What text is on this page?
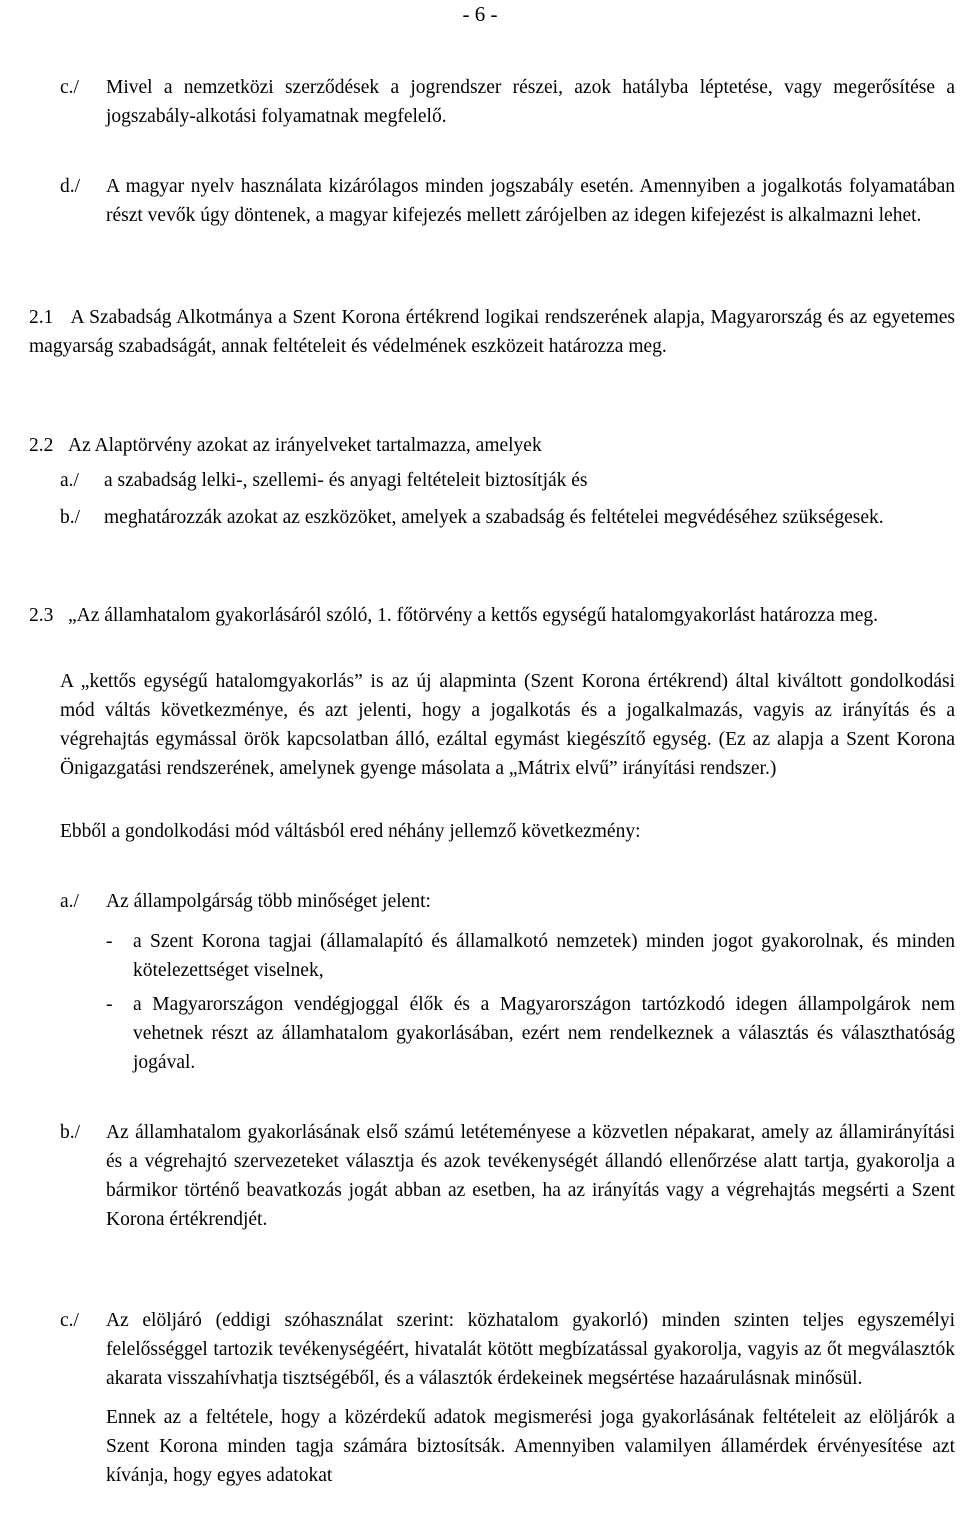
- 6 -
c./	Mivel a nemzetközi szerződések a jogrendszer részei, azok hatályba léptetése, vagy megerősítése a jogszabály-alkotási folyamatnak megfelelő.

d./	A magyar nyelv használata kizárólagos minden jogszabály esetén. Amennyiben a jogalkotás folyamatában részt vevők úgy döntenek, a magyar kifejezés mellett zárójelben az idegen kifejezést is alkalmazni lehet.

2.1 A Szabadság Alkotmánya a Szent Korona értékrend logikai rendszerének alapja, Magyarország és az egyetemes magyarság szabadságát, annak feltételeit és védelmének eszközeit határozza meg.

2.2 Az Alaptörvény azokat az irányelveket tartalmazza, amelyek

a./	a szabadság lelki-, szellemi- és anyagi feltételeit biztosítják és

b./	meghatározzák azokat az eszközöket, amelyek a szabadság és feltételei megvédéséhez szükségesek.

2.3 „Az államhatalom gyakorlásáról szóló, 1. főtörvény a kettős egységű hatalomgyakorlást határozza meg.

A „kettős egységű hatalomgyakorlás” is az új alapminta (Szent Korona értékrend) által kiváltott gondolkodási mód váltás következménye, és azt jelenti, hogy a jogalkotás és a jogalkalmazás, vagyis az irányítás és a végrehajtás egymással örök kapcsolatban álló, ezáltal egymást kiegészítő egység. (Ez az alapja a Szent Korona Önigazgatási rendszerének, amelynek gyenge másolata a „Mátrix elvű” irányítási rendszer.)

Ebből a gondolkodási mód váltásból ered néhány jellemző következmény:

a./	Az állampolgárság több minőséget jelent:

-	a Szent Korona tagjai (államalapító és államalkotó nemzetek) minden jogot gyakorolnak, és minden kötelezettséget viselnek,

-	a Magyarországon vendégjoggal élők és a Magyarországon tartózkodó idegen állampolgárok nem vehetnek részt az államhatalom gyakorlásában, ezért nem rendelkeznek a választás és választhatóság jogával.

b./	Az államhatalom gyakorlásának első számú letéteményese a közvetlen népakarat, amely az államirányítási és a végrehajtó szervezeteket választja és azok tevékenységét állandó ellenőrzése alatt tartja, gyakorolja a bármikor történő beavatkozás jogát abban az esetben, ha az irányítás vagy a végrehajtás megsérti a Szent Korona értékrendjét.

c./	Az elöljáró (eddigi szóhasználat szerint: közhatalom gyakorló) minden szinten teljes egyszemélyi felelősséggel tartozik tevékenységéért, hivatalát kötött megbízatással gyakorolja, vagyis az őt megválasztók akarata visszahívhatja tisztségéből, és a választók érdekeinek megsértése hazaárulásnak minősül.

Ennek az a feltétele, hogy a közérdekű adatok megismerési joga gyakorlásának feltételeit az elöljárók a Szent Korona minden tagja számára biztosítsák. Amennyiben valamilyen államérdek érvényesítése azt kívánja, hogy egyes adatokat
